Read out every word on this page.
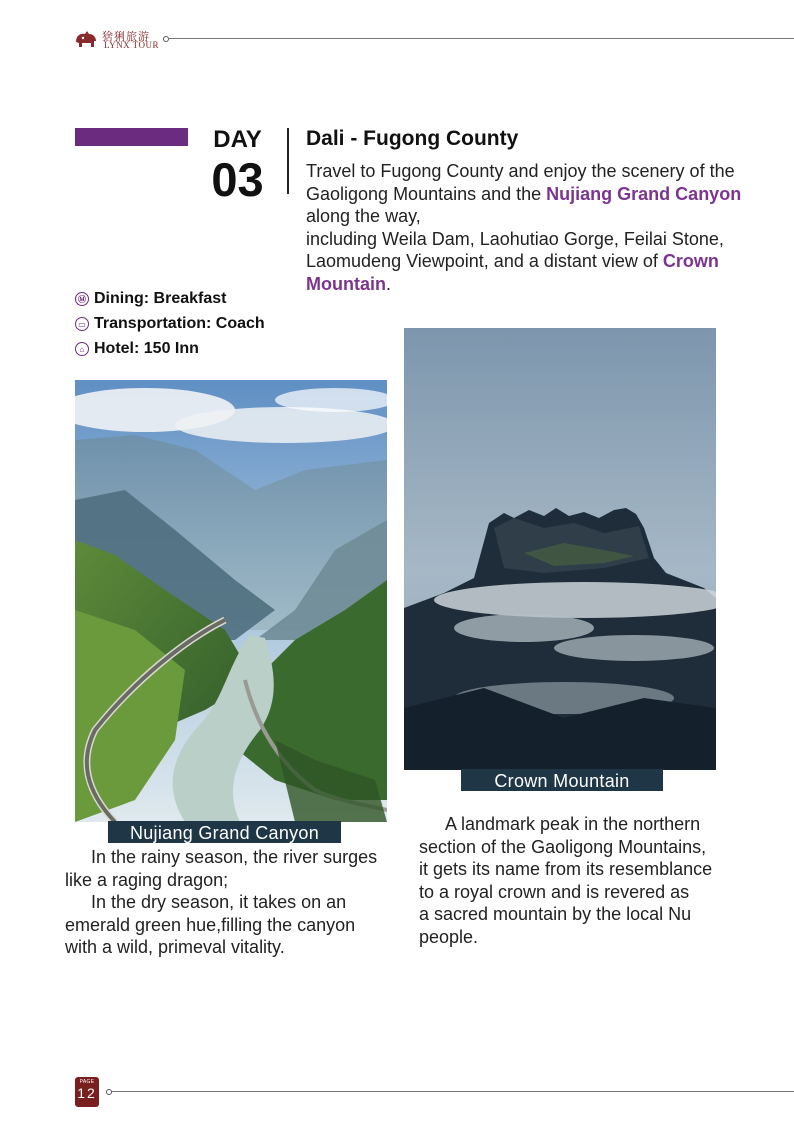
猞猁旅游
LYNX TOUR
DAY
03
Dali - Fugong County
Travel to Fugong County and enjoy the scenery of the Gaoligong Mountains and the Nujiang Grand Canyon along the way,
including Weila Dam, Laohutiao Gorge, Feilai Stone, Laomudeng Viewpoint, and a distant view of Crown Mountain.
Ⓜ Dining: Breakfast
▭ Transportation: Coach
⌂ Hotel: 150 Inn
Nujiang Grand Canyon
Crown Mountain
In the rainy season, the river surges
like a raging dragon;
In the dry season, it takes on an
emerald green hue,filling the canyon
with a wild, primeval vitality.
A landmark peak in the northern
section of the Gaoligong Mountains,
it gets its name from its resemblance
to a royal crown and is revered as
a sacred mountain by the local Nu
people.
PAGE
12
